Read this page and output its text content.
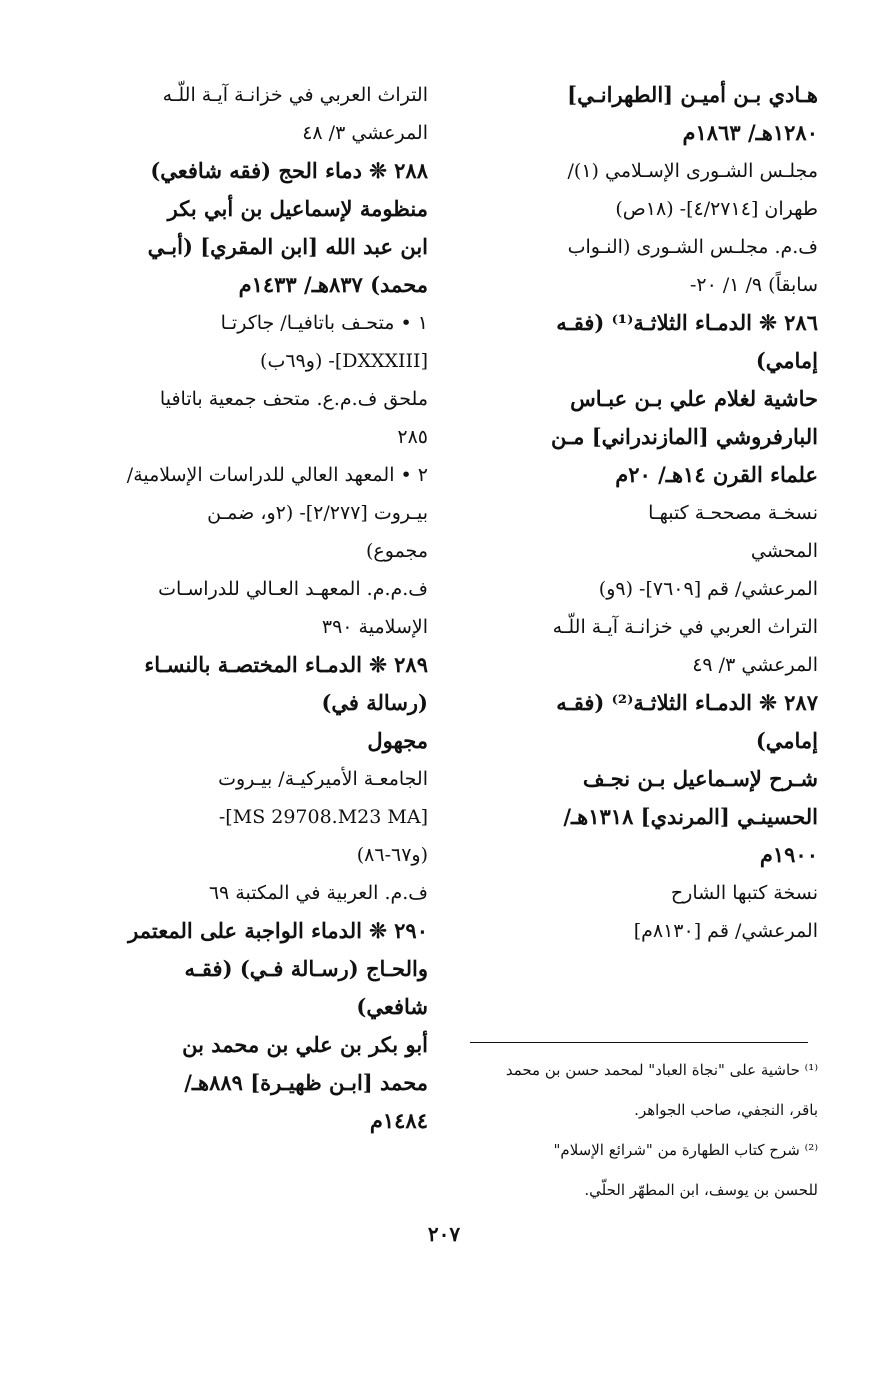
هـادي بـن أميـن [الطهرانـي]
١٢٨٠هـ/ ١٨٦٣م
مجلـس الشـورى الإسـلامي (١)/
طهران [٤/٢٧١٤]- (١٨ص)
ف.م. مجلـس الشـورى (النـواب
سابقاً) ٩/ ١/ ٢٠-
٢٨٦ ❊ الدمـاء الثلاثـة⁽¹⁾ (فقـه
إمامي)
حاشية لغلام علي بـن عبـاس
البارفروشي [المازندراني] مـن
علماء القرن ١٤هـ/ ٢٠م
نسخـة مصححـة كتبهـا
المحشي
المرعشي/ قم [٧٦٠٩]- (٩و)
التراث العربي في خزانـة آيـة اللّـه
المرعشي ٣/ ٤٩
٢٨٧ ❊ الدمـاء الثلاثـة⁽²⁾ (فقـه
إمامي)
شـرح لإسـماعيل بـن نجـف
الحسينـي [المرندي] ١٣١٨هـ/
١٩٠٠م
نسخة كتبها الشارح
المرعشي/ قم [٨١٣٠م]
التراث العربي في خزانـة آيـة اللّـه
المرعشي ٣/ ٤٨
٢٨٨ ❊ دماء الحج (فقه شافعي)
منظومة لإسماعيل بن أبي بكر
ابن عبد الله [ابن المقري] (أبـي
محمد) ٨٣٧هـ/ ١٤٣٣م
١ • متحـف باتافيـا/ جاكرتـا
[DXXXIII]- (و٦٩ب)
ملحق ف.م.ع. متحف جمعية باتافيا
٢٨٥
٢ • المعهد العالي للدراسات الإسلامية/
بيـروت [٢/٢٧٧]- (٢و، ضمـن
مجموع)
ف.م.م. المعهـد العـالي للدراسـات
الإسلامية ٣٩٠
٢٨٩ ❊ الدمـاء المختصـة بالنسـاء
(رسالة في)
مجهول
الجامعـة الأميركيـة/ بيـروت
[MS 29708.M23 MA]-
(و٦٧-٨٦)
ف.م. العربية في المكتبة ٦٩
٢٩٠ ❊ الدماء الواجبة على المعتمر
والحـاج (رسـالة فـي) (فقـه
شافعي)
أبو بكر بن علي بن محمد بن
محمد [ابـن ظهيـرة] ٨٨٩هـ/
١٤٨٤م
⁽¹⁾ حاشية على "نجاة العباد" لمحمد حسن بن محمد
باقر، النجفي، صاحب الجواهر.
⁽²⁾ شرح كتاب الطهارة من "شرائع الإسلام"
للحسن بن يوسف، ابن المطهّر الحلّي.
٢٠٧
